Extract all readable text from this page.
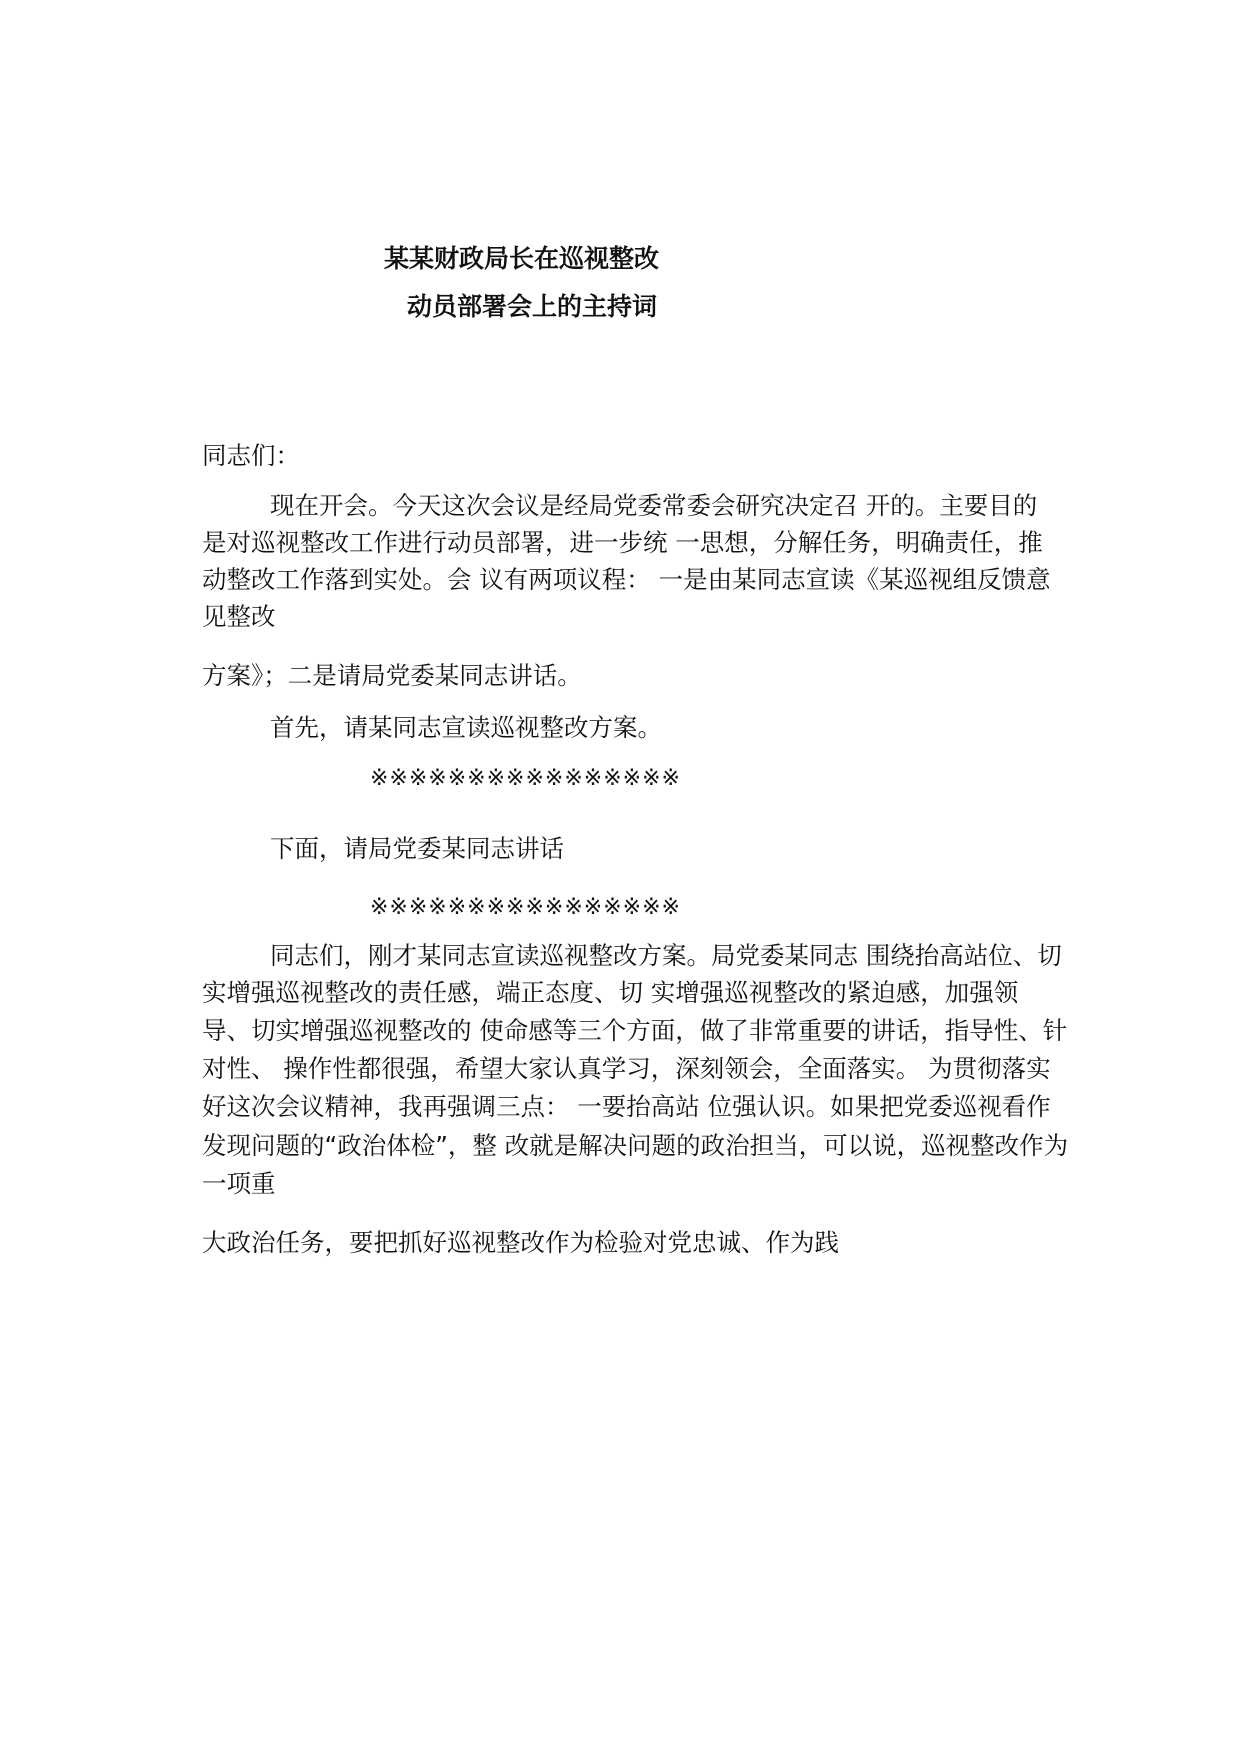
某某财政局长在巡视整改
动员部署会上的主持词
同志们：
现在开会。今天这次会议是经局党委常委会研究决定召 开的。主要目的
是对巡视整改工作进行动员部署，进一步统 一思想，分解任务，明确责任，推
动整改工作落到实处。会 议有两项议程： 一是由某同志宣读《某巡视组反馈意
见整改
方案》；二是请局党委某同志讲话。
首先，请某同志宣读巡视整改方案。
※※※※※※※※※※※※※※※※
下面，请局党委某同志讲话
※※※※※※※※※※※※※※※※
同志们，刚才某同志宣读巡视整改方案。局党委某同志 围绕抬高站位、切
实增强巡视整改的责任感，端正态度、切 实增强巡视整改的紧迫感，加强领
导、切实增强巡视整改的 使命感等三个方面，做了非常重要的讲话，指导性、针
对性、 操作性都很强，希望大家认真学习，深刻领会，全面落实。 为贯彻落实
好这次会议精神，我再强调三点： 一要抬高站 位强认识。如果把党委巡视看作
发现问题的“政治体检”，整 改就是解决问题的政治担当，可以说，巡视整改作为
一项重
大政治任务，要把抓好巡视整改作为检验对党忠诚、作为践
